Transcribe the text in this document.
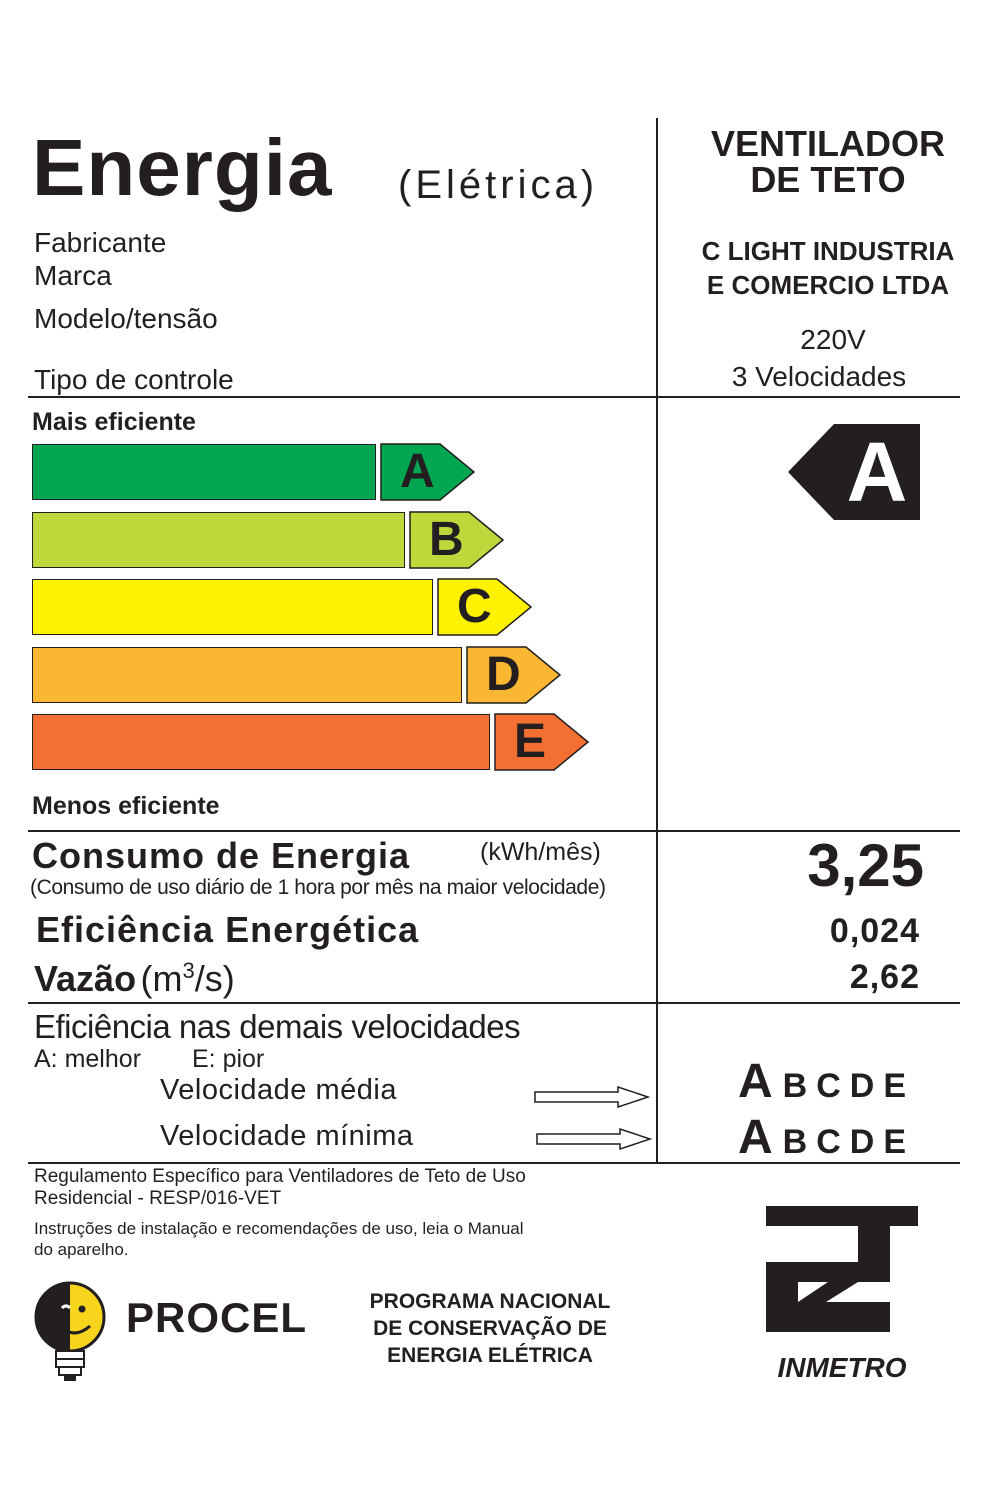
Energia (Elétrica)
VENTILADOR
DE TETO
Fabricante
Marca
Modelo/tensão
Tipo de controle
C LIGHT INDUSTRIA
E COMERCIO LTDA
220V
3 Velocidades
Mais eficiente
Menos eficiente
A
B
C
D
E
A
Consumo de Energia	(kWh/mês)
(Consumo de uso diário de 1 hora por mês na maior velocidade)	3,25
Eficiência Energética	0,024
Vazão $(m^3/s)$	2,62
Eficiência nas demais velocidades
A: melhor E: pior
Velocidade média
Velocidade mínima
A BCDE
A BCDE
Regulamento Específico para Ventiladores de Teto de Uso
Residencial - RESP/016-VET
Instruções de instalação e recomendações de uso, leia o Manual
do aparelho.
PROCEL	PROGRAMA NACIONAL
DE CONSERVAÇÃO DE
ENERGIA ELÉTRICA	INMETRO
